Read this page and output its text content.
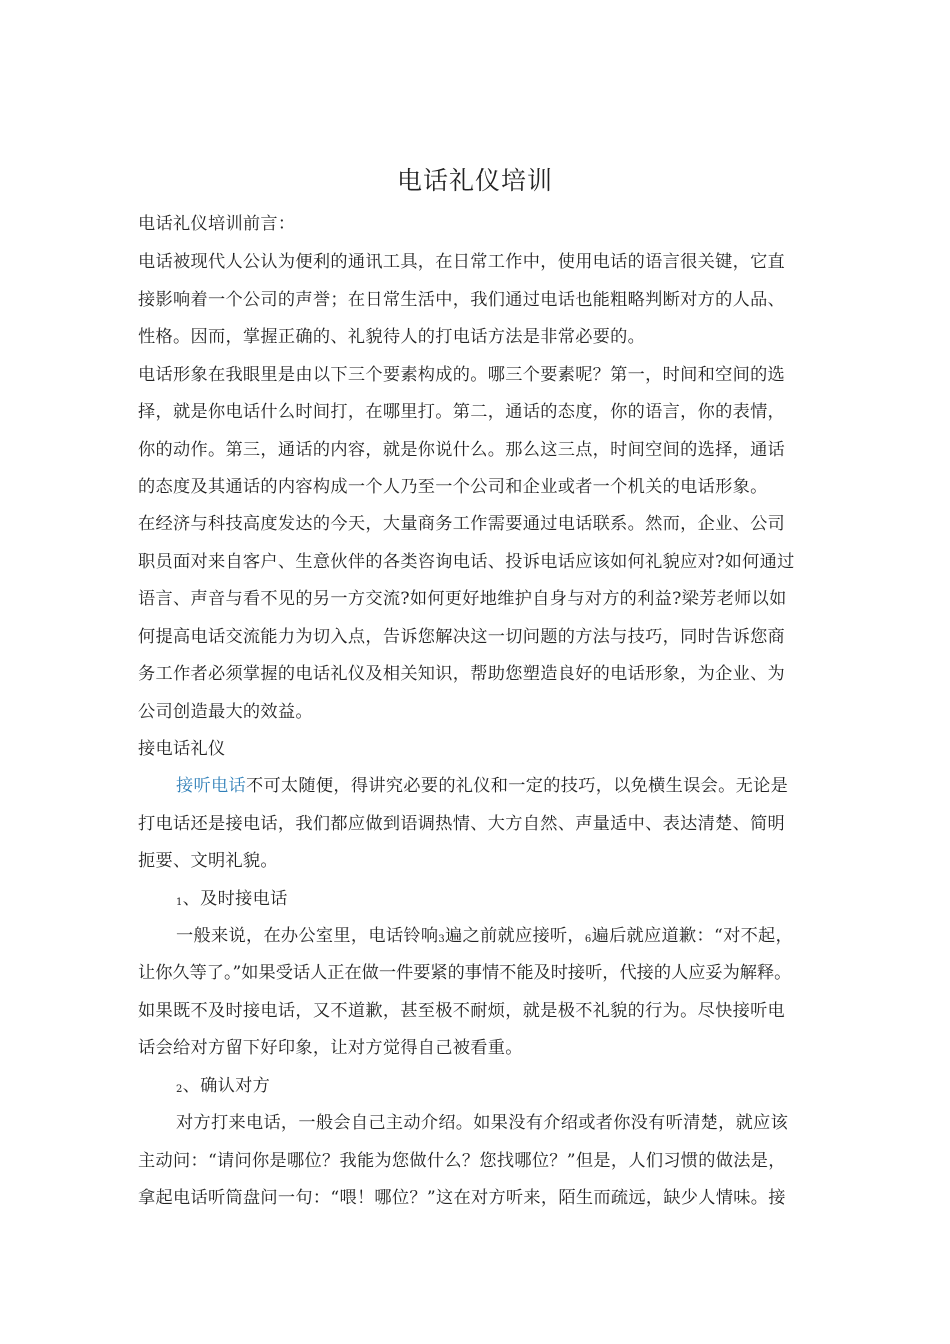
电话礼仪培训
电话礼仪培训前言：
电话被现代人公认为便利的通讯工具，在日常工作中，使用电话的语言很关键，它直
接影响着一个公司的声誉；在日常生活中，我们通过电话也能粗略判断对方的人品、
性格。因而，掌握正确的、礼貌待人的打电话方法是非常必要的。
电话形象在我眼里是由以下三个要素构成的。哪三个要素呢？第一，时间和空间的选
择，就是你电话什么时间打，在哪里打。第二，通话的态度，你的语言，你的表情，
你的动作。第三，通话的内容，就是你说什么。那么这三点，时间空间的选择，通话
的态度及其通话的内容构成一个人乃至一个公司和企业或者一个机关的电话形象。
在经济与科技高度发达的今天，大量商务工作需要通过电话联系。然而，企业、公司
职员面对来自客户、生意伙伴的各类咨询电话、投诉电话应该如何礼貌应对?如何通过
语言、声音与看不见的另一方交流?如何更好地维护自身与对方的利益?梁芳老师以如
何提高电话交流能力为切入点，告诉您解决这一切问题的方法与技巧，同时告诉您商
务工作者必须掌握的电话礼仪及相关知识，帮助您塑造良好的电话形象，为企业、为
公司创造最大的效益。
接电话礼仪
接听电话不可太随便，得讲究必要的礼仪和一定的技巧，以免横生误会。无论是
打电话还是接电话，我们都应做到语调热情、大方自然、声量适中、表达清楚、简明
扼要、文明礼貌。
1、及时接电话
一般来说，在办公室里，电话铃响3遍之前就应接听，6遍后就应道歉：“对不起，
让你久等了。”如果受话人正在做一件要紧的事情不能及时接听，代接的人应妥为解释。
如果既不及时接电话，又不道歉，甚至极不耐烦，就是极不礼貌的行为。尽快接听电
话会给对方留下好印象，让对方觉得自己被看重。
2、确认对方
对方打来电话，一般会自己主动介绍。如果没有介绍或者你没有听清楚，就应该
主动问：“请问你是哪位？我能为您做什么？您找哪位？”但是，人们习惯的做法是，
拿起电话听筒盘问一句：“喂！哪位？”这在对方听来，陌生而疏远，缺少人情味。接
